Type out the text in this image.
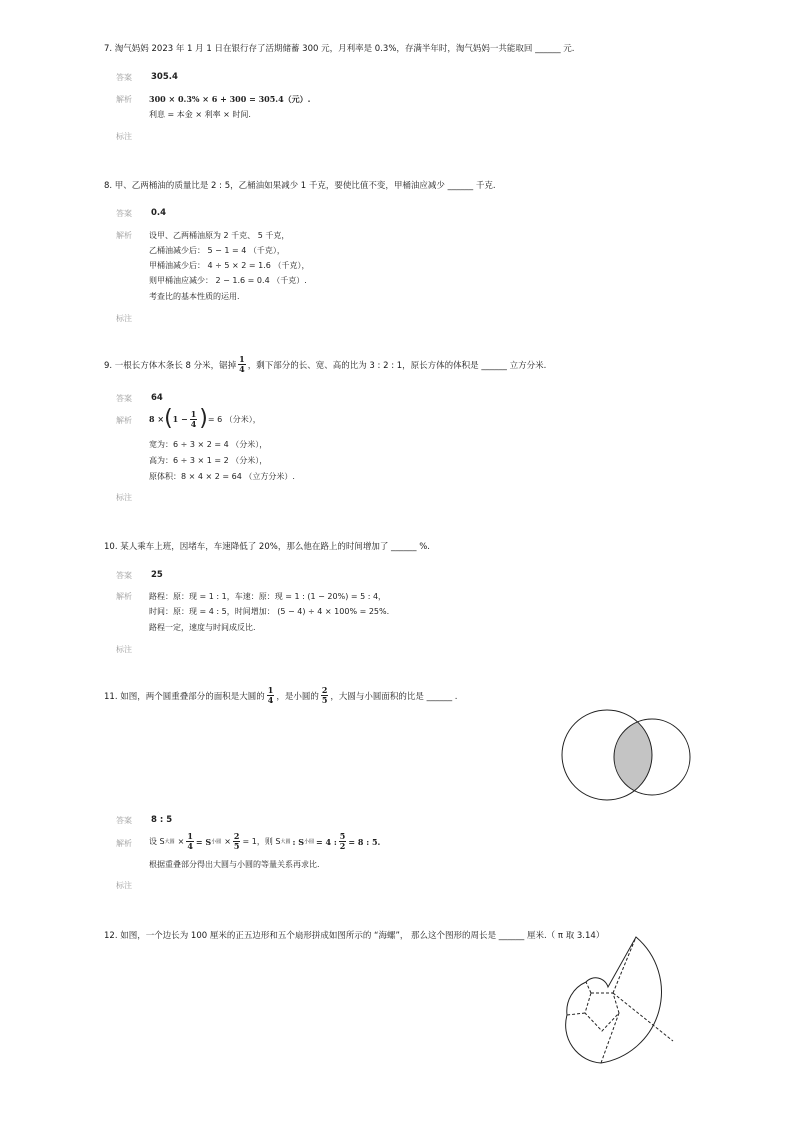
7. 淘气妈妈 2023 年 1 月 1 日在银行存了活期储蓄 300 元，月利率是 0.3%，存满半年时，淘气妈妈一共能取回 ______ 元.
答案 305.4
解析 300 × 0.3% × 6 + 300 = 305.4（元）.
利息 = 本金 × 利率 × 时间.
标注
8. 甲、乙两桶油的质量比是 2 : 5，乙桶油如果减少 1 千克，要使比值不变，甲桶油应减少 ______ 千克.
答案 0.4
解析 设甲、乙两桶油原为 2 千克、 5 千克，
乙桶油减少后： 5 − 1 = 4 （千克），
甲桶油减少后： 4 ÷ 5 × 2 = 1.6 （千克），
则甲桶油应减少： 2 − 1.6 = 0.4 （千克）.
考查比的基本性质的运用.
标注
9. 一根长方体木条长 8 分米，锯掉 $\frac{1}{4}$ ，剩下部分的长、宽、高的比为 3 : 2 : 1，原长方体的体积是 ______ 立方分米.
答案 64
解析 8 × ( $1 - \frac{1}{4}$ ) = 6 （分米），
宽为：6 ÷ 3 × 2 = 4 （分米），
高为：6 ÷ 3 × 1 = 2 （分米），
原体积：8 × 4 × 2 = 64 （立方分米）.
标注
10. 某人乘车上班，因堵车，车速降低了 20%，那么他在路上的时间增加了 ______ %.
答案 25
解析 路程：原：现 = 1 : 1，车速：原：现 = 1 : (1 − 20%) = 5 : 4，
时间：原：现 = 4 : 5，时间增加： (5 − 4) ÷ 4 × 100% = 25%.
路程一定，速度与时间成反比.
标注
11. 如图，两个圆重叠部分的面积是大圆的 $\frac{1}{4}$ ，是小圆的 $\frac{2}{5}$ ，大圆与小圆面积的比是 ______ .
答案 8 : 5
解析 设 S 大圆 × $\frac{1}{4} = S$ 小圆 × $\frac{2}{5} = 1$，则 S 大圆 : S 小圆 = 4 : $\frac{5}{2} = 8$ : 5.
根据重叠部分得出大圆与小圆的等量关系再求比.
标注
12. 如图，一个边长为 100 厘米的正五边形和五个扇形拼成如图所示的 “海螺”， 那么这个图形的周长是 ______ 厘米.（ π 取 3.14）
